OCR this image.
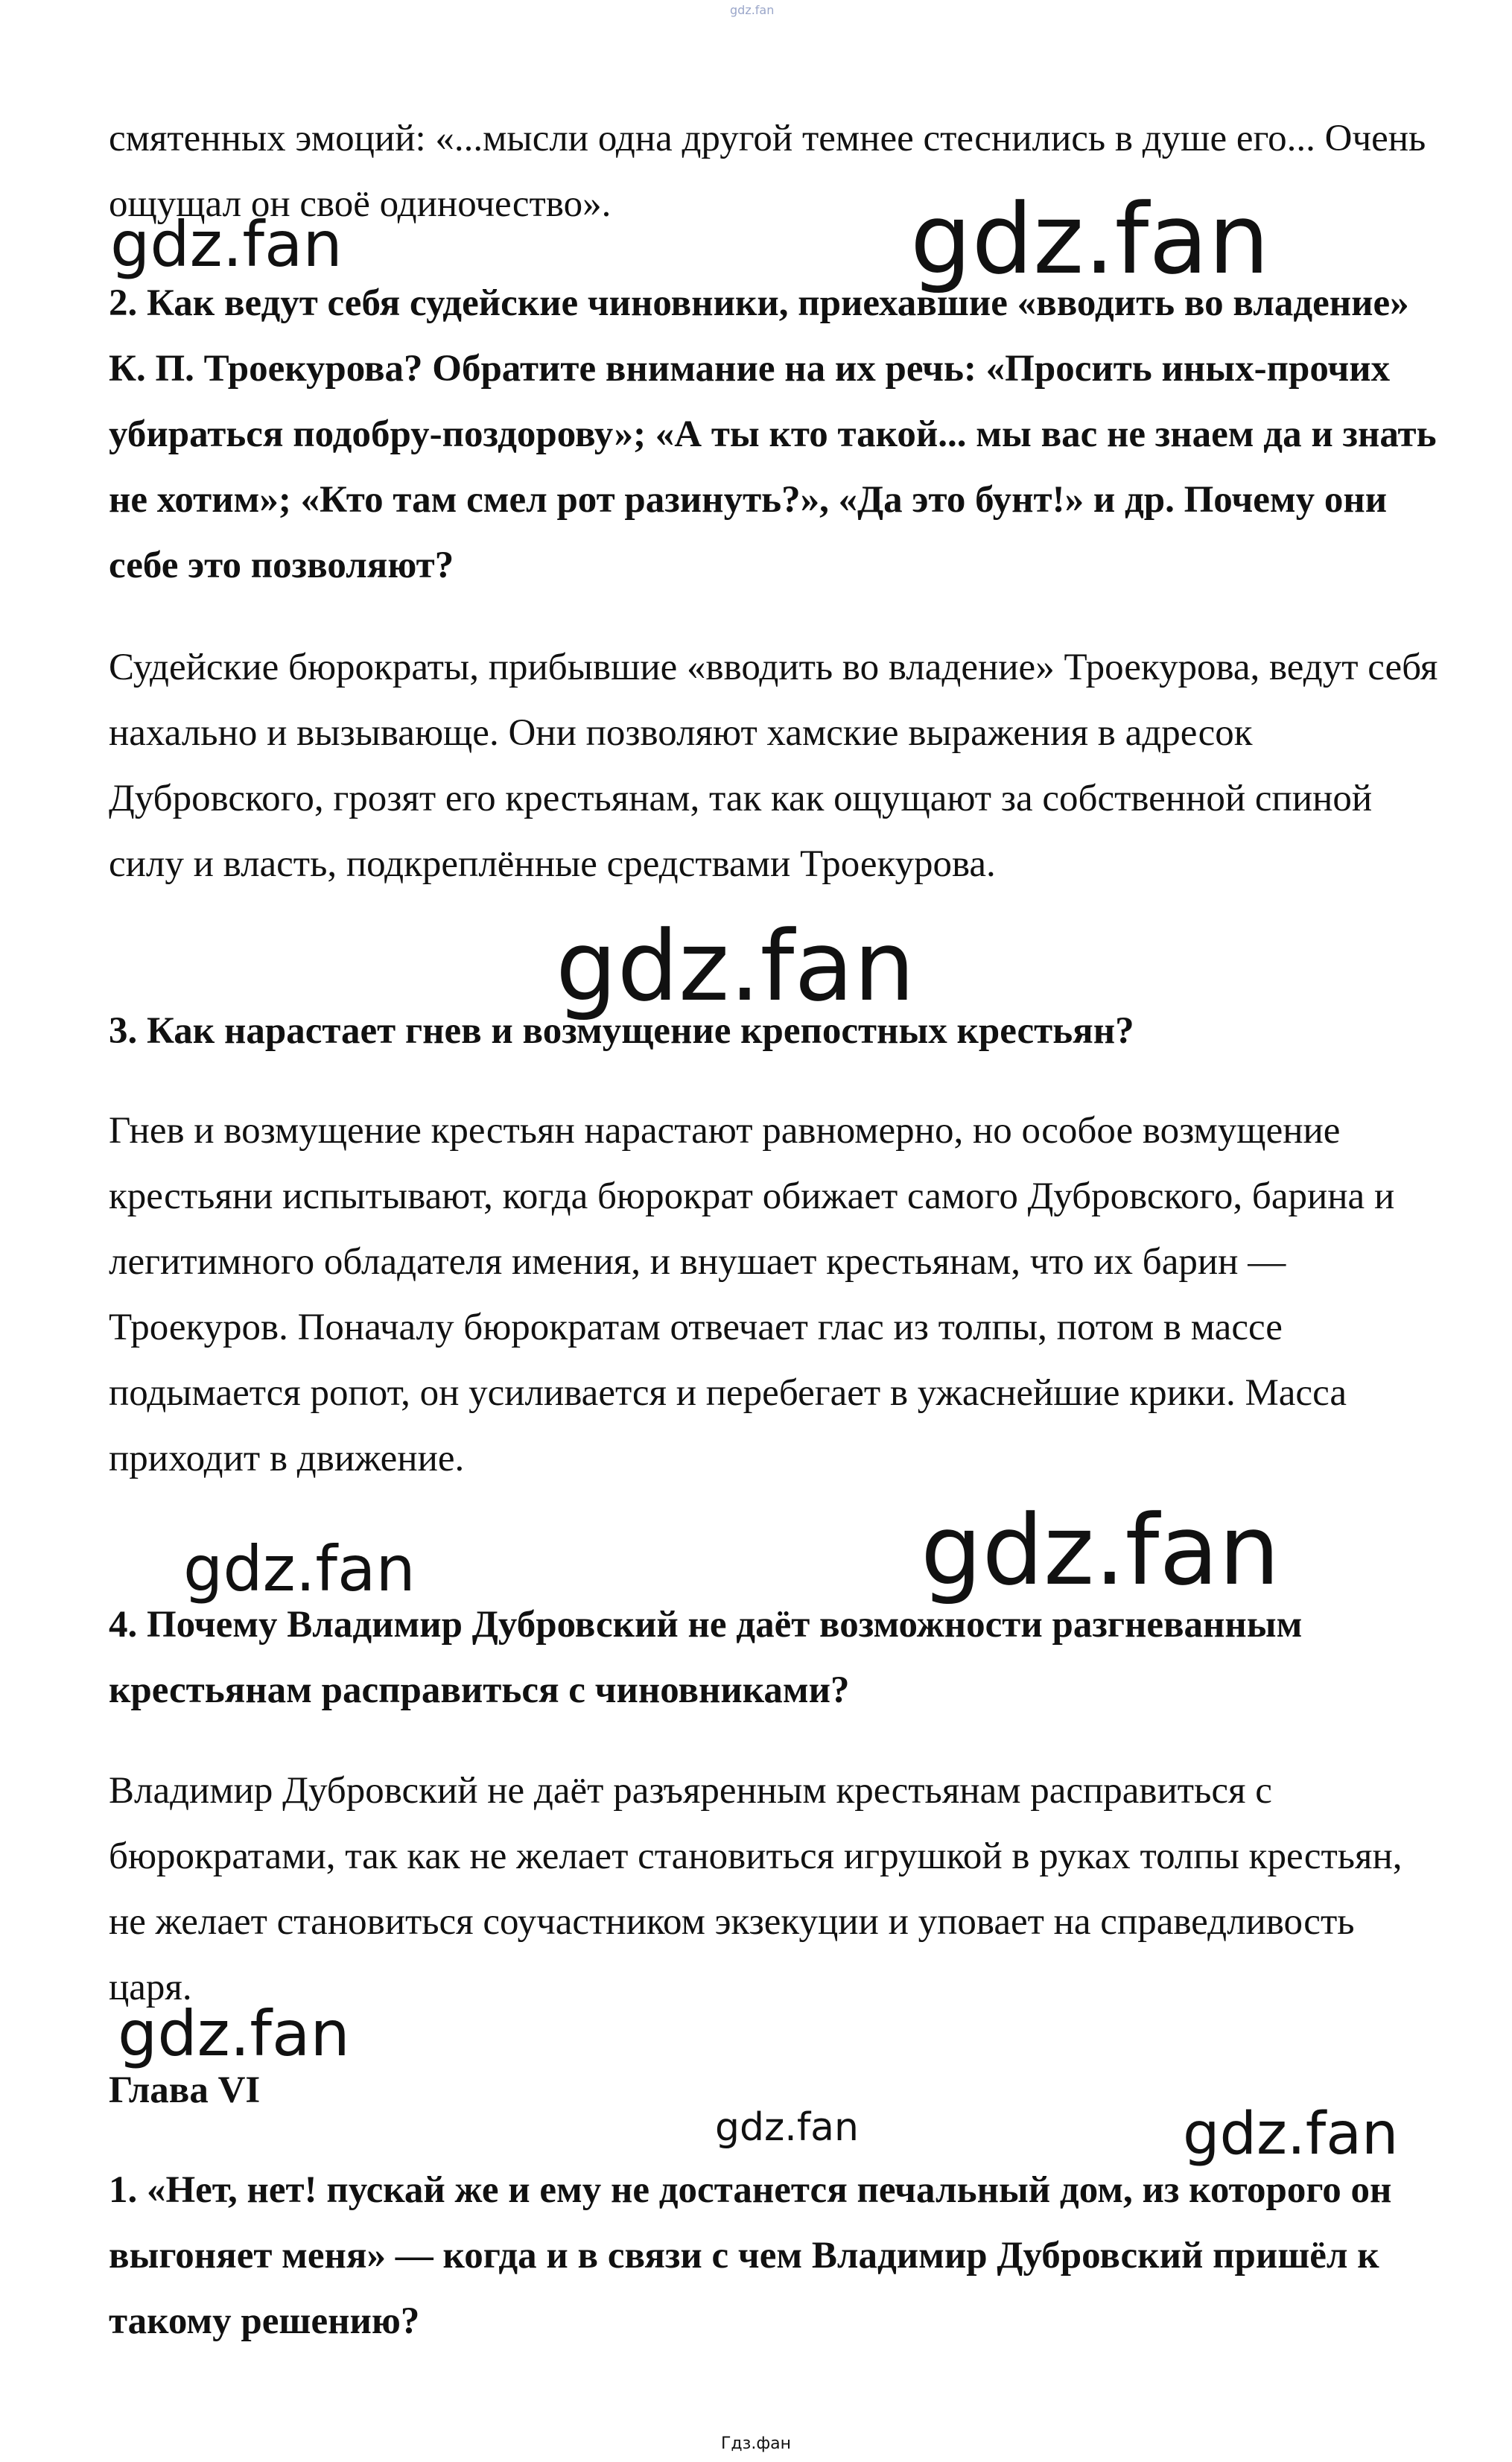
gdz.fan

смятенных эмоций: «...мысли одна другой темнее стеснились в душе его... Очень ощущал он своё одиночество».

2. Как ведут себя судейские чиновники, приехавшие «вводить во владение» К. П. Троекурова? Обратите внимание на их речь: «Просить иных-прочих убираться подобру-поздорову»; «А ты кто такой... мы вас не знаем да и знать не хотим»; «Кто там смел рот разинуть?», «Да это бунт!» и др. Почему они себе это позволяют?

Судейские бюрократы, прибывшие «вводить во владение» Троекурова, ведут себя нахально и вызывающе. Они позволяют хамские выражения в адресок Дубровского, грозят его крестьянам, так как ощущают за собственной спиной силу и власть, подкреплённые средствами Троекурова.

3. Как нарастает гнев и возмущение крепостных крестьян?

Гнев и возмущение крестьян нарастают равномерно, но особое возмущение крестьяни испытывают, когда бюрократ обижает самого Дубровского, барина и легитимного обладателя имения, и внушает крестьянам, что их барин — Троекуров. Поначалу бюрократам отвечает глас из толпы, потом в массе подымается ропот, он усиливается и перебегает в ужаснейшие крики. Масса приходит в движение.

4. Почему Владимир Дубровский не даёт возможности разгневанным крестьянам расправиться с чиновниками?

Владимир Дубровский не даёт разъяренным крестьянам расправиться с бюрократами, так как не желает становиться игрушкой в руках толпы крестьян, не желает становиться соучастником экзекуции и уповает на справедливость царя.

Глава VI

1. «Нет, нет! пускай же и ему не достанется печальный дом, из которого он выгоняет меня» — когда и в связи с чем Владимир Дубровский пришёл к такому решению?

gdz.fan	gdz.fan
gdz.fan
gdz.fan	gdz.fan
gdz.fan
gdz.fan	gdz.fan
Гдз.фан
